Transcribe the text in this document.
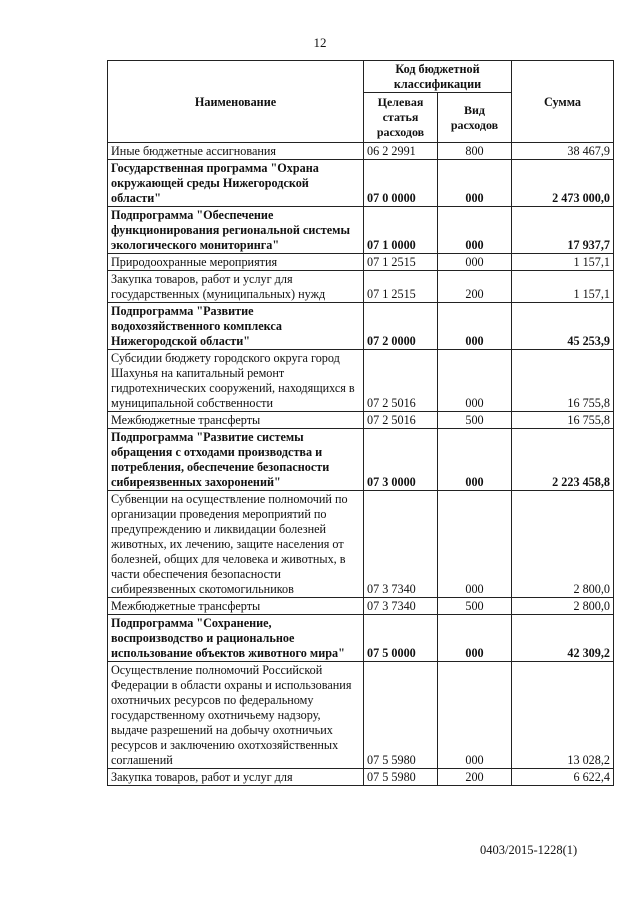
12
Наименование	Код бюджетной классификации		Сумма
	Целевая статья расходов	Вид расходов	
Иные бюджетные ассигнования	06 2 2991	800	38 467,9
Государственная программа "Охрана окружающей среды Нижегородской области"	07 0 0000	000	2 473 000,0
Подпрограмма "Обеспечение функционирования региональной системы экологического мониторинга"	07 1 0000	000	17 937,7
Природоохранные мероприятия	07 1 2515	000	1 157,1
Закупка товаров, работ и услуг для государственных (муниципальных) нужд	07 1 2515	200	1 157,1
Подпрограмма "Развитие водохозяйственного комплекса Нижегородской области"	07 2 0000	000	45 253,9
Субсидии бюджету городского округа город Шахунья на капитальный ремонт гидротехнических сооружений, находящихся в муниципальной собственности	07 2 5016	000	16 755,8
Межбюджетные трансферты	07 2 5016	500	16 755,8
Подпрограмма "Развитие системы обращения с отходами производства и потребления, обеспечение безопасности сибиреязвенных захоронений"	07 3 0000	000	2 223 458,8
Субвенции на осуществление полномочий по организации проведения мероприятий по предупреждению и ликвидации болезней животных, их лечению, защите населения от болезней, общих для человека и животных, в части обеспечения безопасности сибиреязвенных скотомогильников	07 3 7340	000	2 800,0
Межбюджетные трансферты	07 3 7340	500	2 800,0
Подпрограмма "Сохранение, воспроизводство и рациональное использование объектов животного мира"	07 5 0000	000	42 309,2
Осуществление полномочий Российской Федерации в области охраны и использования охотничьих ресурсов по федеральному государственному охотничьему надзору, выдаче разрешений на добычу охотничьих ресурсов и заключению охотхозяйственных соглашений	07 5 5980	000	13 028,2
Закупка товаров, работ и услуг для	07 5 5980	200	6 622,4
0403/2015-1228(1)
